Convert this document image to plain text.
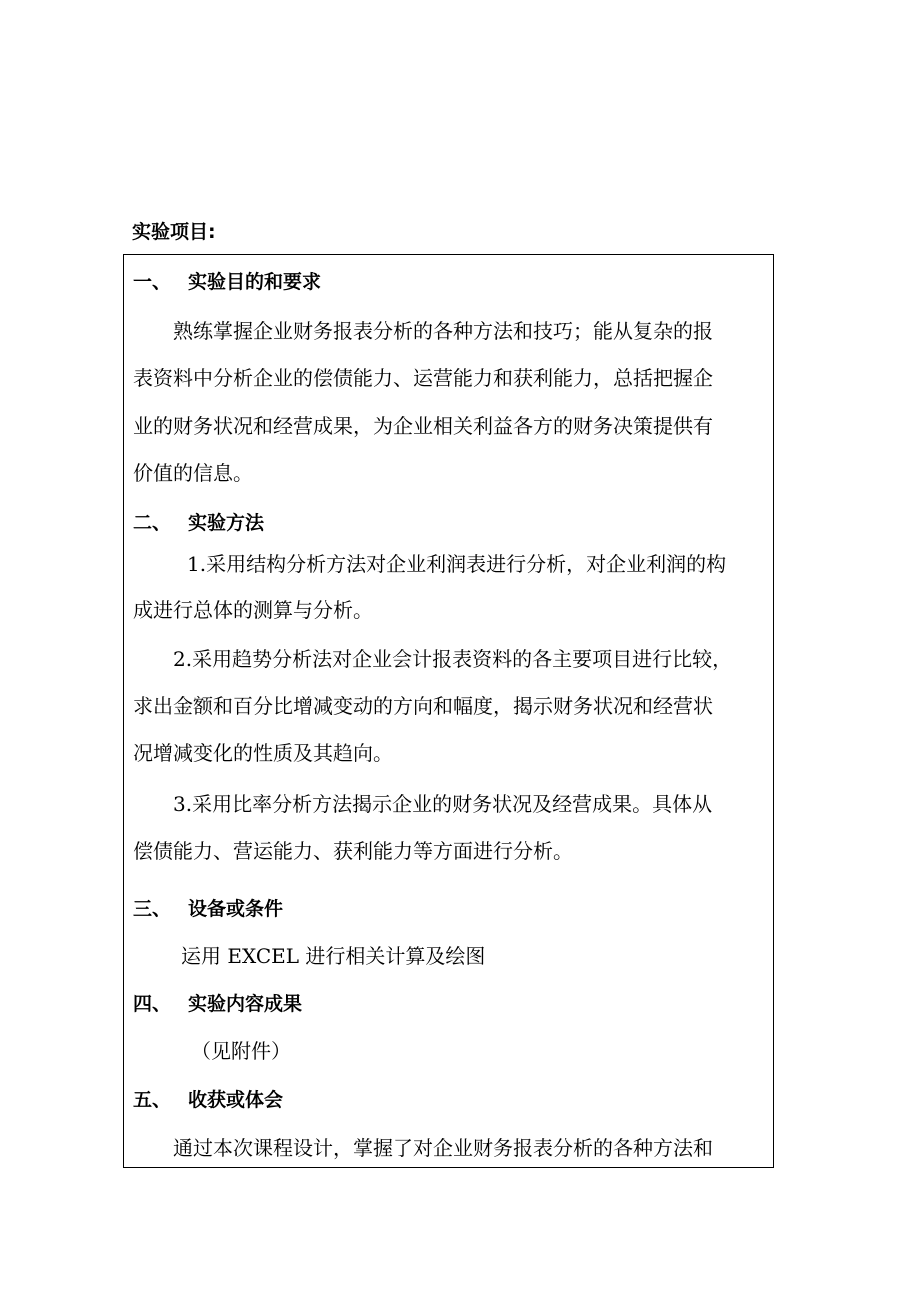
实验项目:
一、 实验目的和要求
熟练掌握企业财务报表分析的各种方法和技巧；能从复杂的报
表资料中分析企业的偿债能力、运营能力和获利能力，总括把握企
业的财务状况和经营成果，为企业相关利益各方的财务决策提供有
价值的信息。
二、 实验方法
1.采用结构分析方法对企业利润表进行分析，对企业利润的构
成进行总体的测算与分析。
2.采用趋势分析法对企业会计报表资料的各主要项目进行比较，
求出金额和百分比增减变动的方向和幅度，揭示财务状况和经营状
况增减变化的性质及其趋向。
3.采用比率分析方法揭示企业的财务状况及经营成果。具体从
偿债能力、营运能力、获利能力等方面进行分析。
三、 设备或条件
运用 EXCEL 进行相关计算及绘图
四、 实验内容成果
（见附件）
五、 收获或体会
通过本次课程设计，掌握了对企业财务报表分析的各种方法和
